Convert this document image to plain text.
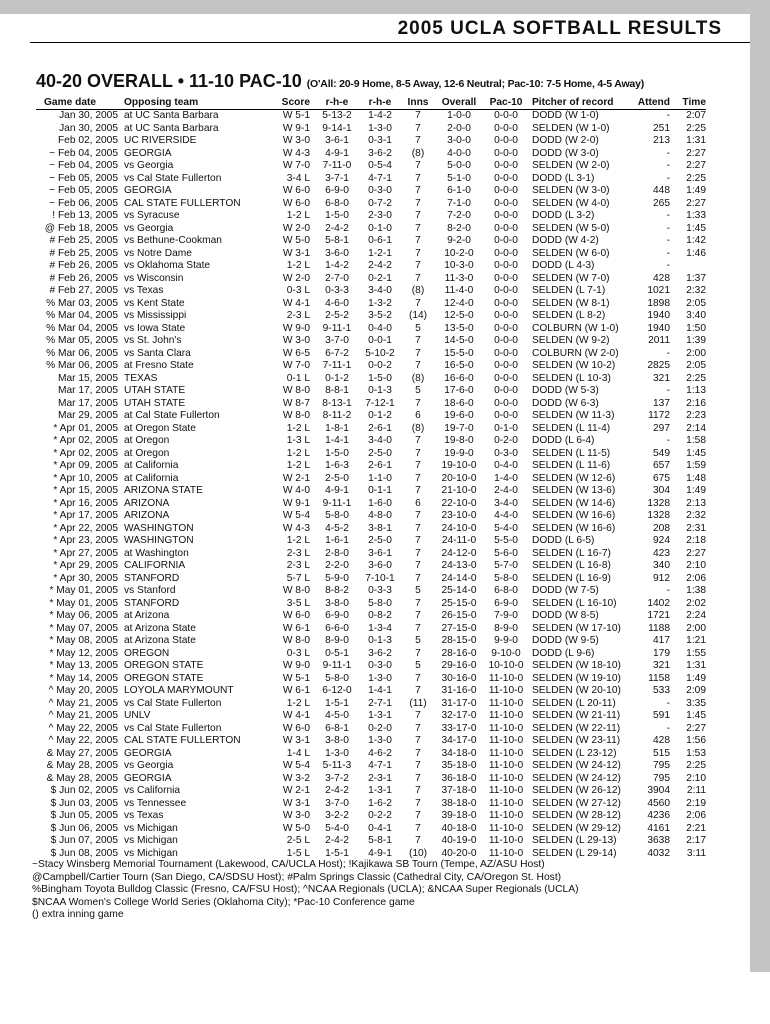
2005 UCLA SOFTBALL RESULTS
40-20 OVERALL • 11-10 PAC-10 (O'All: 20-9 Home, 8-5 Away, 12-6 Neutral; Pac-10: 7-5 Home, 4-5 Away)
Game date	Opposing team	Score	r-h-e	r-h-e	Inns	Overall	Pac-10	Pitcher of record	Attend	Time
Jan 30, 2005	at UC Santa Barbara	W 5-1	5-13-2	1-4-2	7	1-0-0	0-0-0	DODD (W 1-0)	-	2:07
Jan 30, 2005	at UC Santa Barbara	W 9-1	9-14-1	1-3-0	7	2-0-0	0-0-0	SELDEN (W 1-0)	251	2:25
Feb 02, 2005	UC RIVERSIDE	W 3-0	3-6-1	0-3-1	7	3-0-0	0-0-0	DODD (W 2-0)	213	1:31
~ Feb 04, 2005	GEORGIA	W 4-3	4-9-1	3-6-2	(8)	4-0-0	0-0-0	DODD (W 3-0)	-	2:27
~ Feb 04, 2005	vs Georgia	W 7-0	7-11-0	0-5-4	7	5-0-0	0-0-0	SELDEN (W 2-0)	-	2:27
~ Feb 05, 2005	vs Cal State Fullerton	3-4 L	3-7-1	4-7-1	7	5-1-0	0-0-0	DODD (L 3-1)	-	2:25
~ Feb 05, 2005	GEORGIA	W 6-0	6-9-0	0-3-0	7	6-1-0	0-0-0	SELDEN (W 3-0)	448	1:49
~ Feb 06, 2005	CAL STATE FULLERTON	W 6-0	6-8-0	0-7-2	7	7-1-0	0-0-0	SELDEN (W 4-0)	265	2:27
! Feb 13, 2005	vs Syracuse	1-2 L	1-5-0	2-3-0	7	7-2-0	0-0-0	DODD (L 3-2)	-	1:33
@ Feb 18, 2005	vs Georgia	W 2-0	2-4-2	0-1-0	7	8-2-0	0-0-0	SELDEN (W 5-0)	-	1:45
# Feb 25, 2005	vs Bethune-Cookman	W 5-0	5-8-1	0-6-1	7	9-2-0	0-0-0	DODD (W 4-2)	-	1:42
# Feb 25, 2005	vs Notre Dame	W 3-1	3-6-0	1-2-1	7	10-2-0	0-0-0	SELDEN (W 6-0)	-	1:46
# Feb 26, 2005	vs Oklahoma State	1-2 L	1-4-2	2-4-2	7	10-3-0	0-0-0	DODD (L 4-3)	-	
# Feb 26, 2005	vs Wisconsin	W 2-0	2-7-0	0-2-1	7	11-3-0	0-0-0	SELDEN (W 7-0)	428	1:37
# Feb 27, 2005	vs Texas	0-3 L	0-3-3	3-4-0	(8)	11-4-0	0-0-0	SELDEN (L 7-1)	1021	2:32
% Mar 03, 2005	vs Kent State	W 4-1	4-6-0	1-3-2	7	12-4-0	0-0-0	SELDEN (W 8-1)	1898	2:05
% Mar 04, 2005	vs Mississippi	2-3 L	2-5-2	3-5-2	(14)	12-5-0	0-0-0	SELDEN (L 8-2)	1940	3:40
% Mar 04, 2005	vs Iowa State	W 9-0	9-11-1	0-4-0	5	13-5-0	0-0-0	COLBURN (W 1-0)	1940	1:50
% Mar 05, 2005	vs St. John's	W 3-0	3-7-0	0-0-1	7	14-5-0	0-0-0	SELDEN (W 9-2)	2011	1:39
% Mar 06, 2005	vs Santa Clara	W 6-5	6-7-2	5-10-2	7	15-5-0	0-0-0	COLBURN (W 2-0)	-	2:00
% Mar 06, 2005	at Fresno State	W 7-0	7-11-1	0-0-2	7	16-5-0	0-0-0	SELDEN (W 10-2)	2825	2:05
Mar 15, 2005	TEXAS	0-1 L	0-1-2	1-5-0	(8)	16-6-0	0-0-0	SELDEN (L 10-3)	321	2:25
Mar 17, 2005	UTAH STATE	W 8-0	8-8-1	0-1-3	5	17-6-0	0-0-0	DODD (W 5-3)	-	1:13
Mar 17, 2005	UTAH STATE	W 8-7	8-13-1	7-12-1	7	18-6-0	0-0-0	DODD (W 6-3)	137	2:16
Mar 29, 2005	at Cal State Fullerton	W 8-0	8-11-2	0-1-2	6	19-6-0	0-0-0	SELDEN (W 11-3)	1172	2:23
* Apr 01, 2005	at Oregon State	1-2 L	1-8-1	2-6-1	(8)	19-7-0	0-1-0	SELDEN (L 11-4)	297	2:14
* Apr 02, 2005	at Oregon	1-3 L	1-4-1	3-4-0	7	19-8-0	0-2-0	DODD (L 6-4)	-	1:58
* Apr 02, 2005	at Oregon	1-2 L	1-5-0	2-5-0	7	19-9-0	0-3-0	SELDEN (L 11-5)	549	1:45
* Apr 09, 2005	at California	1-2 L	1-6-3	2-6-1	7	19-10-0	0-4-0	SELDEN (L 11-6)	657	1:59
* Apr 10, 2005	at California	W 2-1	2-5-0	1-1-0	7	20-10-0	1-4-0	SELDEN (W 12-6)	675	1:48
* Apr 15, 2005	ARIZONA STATE	W 4-0	4-9-1	0-1-1	7	21-10-0	2-4-0	SELDEN (W 13-6)	304	1:49
* Apr 16, 2005	ARIZONA	W 9-1	9-11-1	1-6-0	6	22-10-0	3-4-0	SELDEN (W 14-6)	1328	2:13
* Apr 17, 2005	ARIZONA	W 5-4	5-8-0	4-8-0	7	23-10-0	4-4-0	SELDEN (W 16-6)	1328	2:32
* Apr 22, 2005	WASHINGTON	W 4-3	4-5-2	3-8-1	7	24-10-0	5-4-0	SELDEN (W 16-6)	208	2:31
* Apr 23, 2005	WASHINGTON	1-2 L	1-6-1	2-5-0	7	24-11-0	5-5-0	DODD (L 6-5)	924	2:18
* Apr 27, 2005	at Washington	2-3 L	2-8-0	3-6-1	7	24-12-0	5-6-0	SELDEN (L 16-7)	423	2:27
* Apr 29, 2005	CALIFORNIA	2-3 L	2-2-0	3-6-0	7	24-13-0	5-7-0	SELDEN (L 16-8)	340	2:10
* Apr 30, 2005	STANFORD	5-7 L	5-9-0	7-10-1	7	24-14-0	5-8-0	SELDEN (L 16-9)	912	2:06
* May 01, 2005	vs Stanford	W 8-0	8-8-2	0-3-3	5	25-14-0	6-8-0	DODD (W 7-5)	-	1:38
* May 01, 2005	STANFORD	3-5 L	3-8-0	5-8-0	7	25-15-0	6-9-0	SELDEN (L 16-10)	1402	2:02
* May 06, 2005	at Arizona	W 6-0	6-9-0	0-8-2	7	26-15-0	7-9-0	DODD (W 8-5)	1721	2:24
* May 07, 2005	at Arizona State	W 6-1	6-6-0	1-3-4	7	27-15-0	8-9-0	SELDEN (W 17-10)	1188	2:00
* May 08, 2005	at Arizona State	W 8-0	8-9-0	0-1-3	5	28-15-0	9-9-0	DODD (W 9-5)	417	1:21
* May 12, 2005	OREGON	0-3 L	0-5-1	3-6-2	7	28-16-0	9-10-0	DODD (L 9-6)	179	1:55
* May 13, 2005	OREGON STATE	W 9-0	9-11-1	0-3-0	5	29-16-0	10-10-0	SELDEN (W 18-10)	321	1:31
* May 14, 2005	OREGON STATE	W 5-1	5-8-0	1-3-0	7	30-16-0	11-10-0	SELDEN (W 19-10)	1158	1:49
^ May 20, 2005	LOYOLA MARYMOUNT	W 6-1	6-12-0	1-4-1	7	31-16-0	11-10-0	SELDEN (W 20-10)	533	2:09
^ May 21, 2005	vs Cal State Fullerton	1-2 L	1-5-1	2-7-1	(11)	31-17-0	11-10-0	SELDEN (L 20-11)	-	3:35
^ May 21, 2005	UNLV	W 4-1	4-5-0	1-3-1	7	32-17-0	11-10-0	SELDEN (W 21-11)	591	1:45
^ May 22, 2005	vs Cal State Fullerton	W 6-0	6-8-1	0-2-0	7	33-17-0	11-10-0	SELDEN (W 22-11)	-	2:27
^ May 22, 2005	CAL STATE FULLERTON	W 3-1	3-8-0	1-3-0	7	34-17-0	11-10-0	SELDEN (W 23-11)	428	1:56
& May 27, 2005	GEORGIA	1-4 L	1-3-0	4-6-2	7	34-18-0	11-10-0	SELDEN (L 23-12)	515	1:53
& May 28, 2005	vs Georgia	W 5-4	5-11-3	4-7-1	7	35-18-0	11-10-0	SELDEN (W 24-12)	795	2:25
& May 28, 2005	GEORGIA	W 3-2	3-7-2	2-3-1	7	36-18-0	11-10-0	SELDEN (W 24-12)	795	2:10
$ Jun 02, 2005	vs California	W 2-1	2-4-2	1-3-1	7	37-18-0	11-10-0	SELDEN (W 26-12)	3904	2:11
$ Jun 03, 2005	vs Tennessee	W 3-1	3-7-0	1-6-2	7	38-18-0	11-10-0	SELDEN (W 27-12)	4560	2:19
$ Jun 05, 2005	vs Texas	W 3-0	3-2-2	0-2-2	7	39-18-0	11-10-0	SELDEN (W 28-12)	4236	2:06
$ Jun 06, 2005	vs Michigan	W 5-0	5-4-0	0-4-1	7	40-18-0	11-10-0	SELDEN (W 29-12)	4161	2:21
$ Jun 07, 2005	vs Michigan	2-5 L	2-4-2	5-8-1	7	40-19-0	11-10-0	SELDEN (L 29-13)	3638	2:17
$ Jun 08, 2005	vs Michigan	1-5 L	1-5-1	4-9-1	(10)	40-20-0	11-10-0	SELDEN (L 29-14)	4032	3:11
~Stacy Winsberg Memorial Tournament (Lakewood, CA/UCLA Host); !Kajikawa SB Tourn (Tempe, AZ/ASU Host)
@Campbell/Cartier Tourn (San Diego, CA/SDSU Host); #Palm Springs Classic (Cathedral City, CA/Oregon St. Host)
%Bingham Toyota Bulldog Classic (Fresno, CA/FSU Host); ^NCAA Regionals (UCLA); &NCAA Super Regionals (UCLA)
$NCAA Women's College World Series (Oklahoma City); *Pac-10 Conference game
() extra inning game
